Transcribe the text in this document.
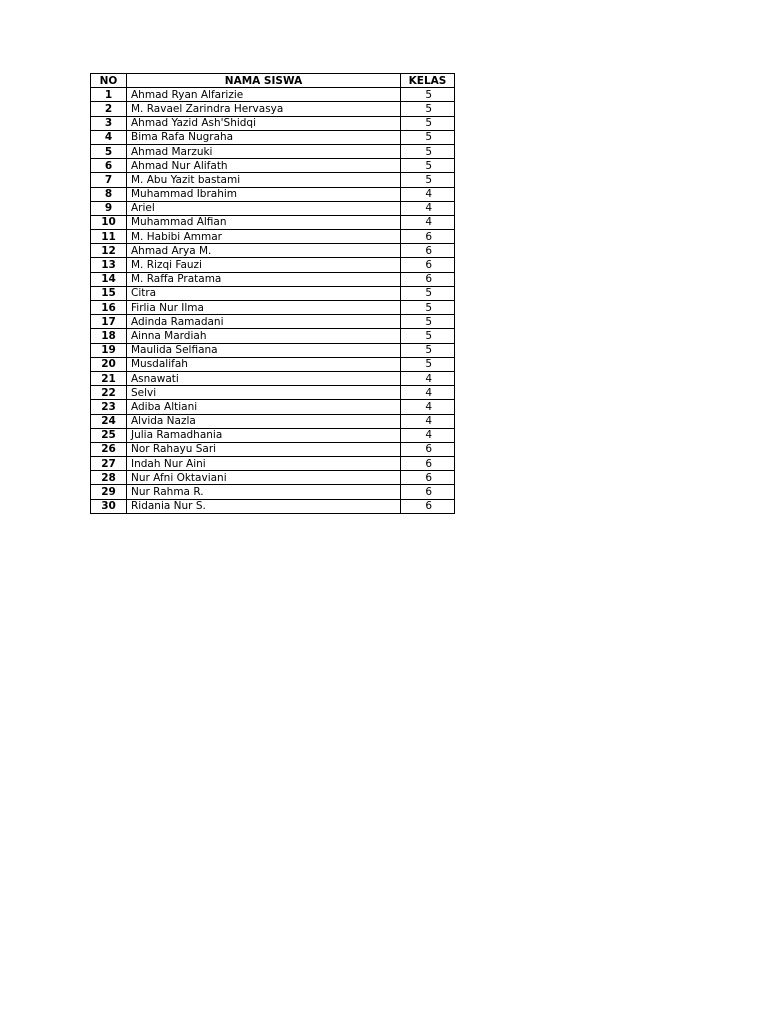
NO	NAMA SISWA	KELAS
1	Ahmad Ryan Alfarizie	5
2	M. Ravael Zarindra Hervasya	5
3	Ahmad Yazid Ash'Shidqi	5
4	Bima Rafa Nugraha	5
5	Ahmad Marzuki	5
6	Ahmad Nur Alifath	5
7	M. Abu Yazit bastami	5
8	Muhammad Ibrahim	4
9	Ariel	4
10	Muhammad Alfian	4
11	M. Habibi Ammar	6
12	Ahmad Arya M.	6
13	M. Rizqi Fauzi	6
14	M. Raffa Pratama	6
15	Citra	5
16	Firlia Nur Ilma	5
17	Adinda Ramadani	5
18	Ainna Mardiah	5
19	Maulida Selfiana	5
20	Musdalifah	5
21	Asnawati	4
22	Selvi	4
23	Adiba Altiani	4
24	Alvida Nazla	4
25	Julia Ramadhania	4
26	Nor Rahayu Sari	6
27	Indah Nur Aini	6
28	Nur Afni Oktaviani	6
29	Nur Rahma R.	6
30	Ridania Nur S.	6
